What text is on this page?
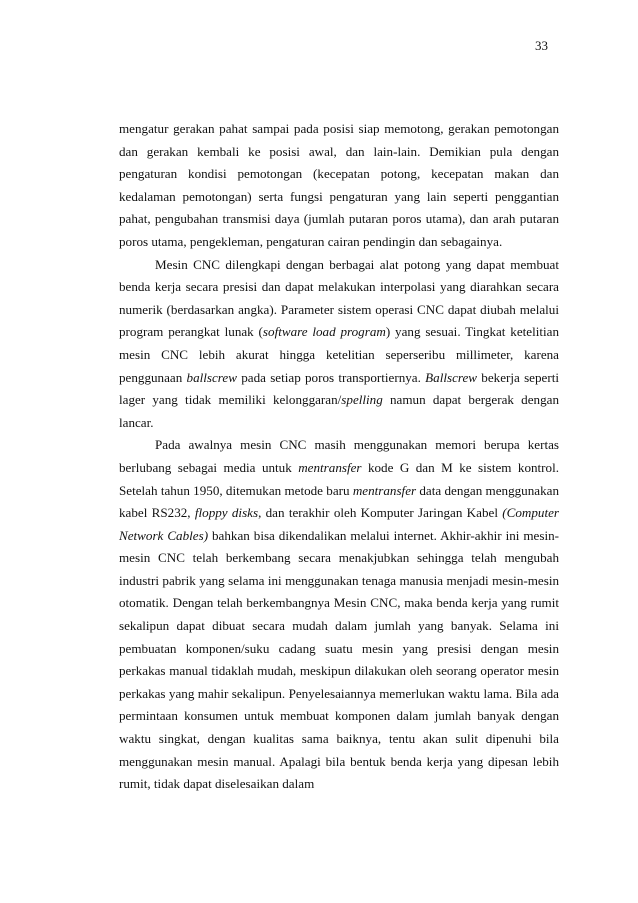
33

mengatur gerakan pahat sampai pada posisi siap memotong, gerakan pemotongan dan gerakan kembali ke posisi awal, dan lain-lain. Demikian pula dengan pengaturan kondisi pemotongan (kecepatan potong, kecepatan makan dan kedalaman pemotongan) serta fungsi pengaturan yang lain seperti penggantian pahat, pengubahan transmisi daya (jumlah putaran poros utama), dan arah putaran poros utama, pengekleman, pengaturan cairan pendingin dan sebagainya.

Mesin CNC dilengkapi dengan berbagai alat potong yang dapat membuat benda kerja secara presisi dan dapat melakukan interpolasi yang diarahkan secara numerik (berdasarkan angka). Parameter sistem operasi CNC dapat diubah melalui program perangkat lunak (software load program) yang sesuai. Tingkat ketelitian mesin CNC lebih akurat hingga ketelitian seperseribu millimeter, karena penggunaan ballscrew pada setiap poros transportiernya. Ballscrew bekerja seperti lager yang tidak memiliki kelonggaran/spelling namun dapat bergerak dengan lancar.

Pada awalnya mesin CNC masih menggunakan memori berupa kertas berlubang sebagai media untuk mentransfer kode G dan M ke sistem kontrol. Setelah tahun 1950, ditemukan metode baru mentransfer data dengan menggunakan kabel RS232, floppy disks, dan terakhir oleh Komputer Jaringan Kabel (Computer Network Cables) bahkan bisa dikendalikan melalui internet. Akhir-akhir ini mesin-mesin CNC telah berkembang secara menakjubkan sehingga telah mengubah industri pabrik yang selama ini menggunakan tenaga manusia menjadi mesin-mesin otomatik. Dengan telah berkembangnya Mesin CNC, maka benda kerja yang rumit sekalipun dapat dibuat secara mudah dalam jumlah yang banyak. Selama ini pembuatan komponen/suku cadang suatu mesin yang presisi dengan mesin perkakas manual tidaklah mudah, meskipun dilakukan oleh seorang operator mesin perkakas yang mahir sekalipun. Penyelesaiannya memerlukan waktu lama. Bila ada permintaan konsumen untuk membuat komponen dalam jumlah banyak dengan waktu singkat, dengan kualitas sama baiknya, tentu akan sulit dipenuhi bila menggunakan mesin manual. Apalagi bila bentuk benda kerja yang dipesan lebih rumit, tidak dapat diselesaikan dalam
